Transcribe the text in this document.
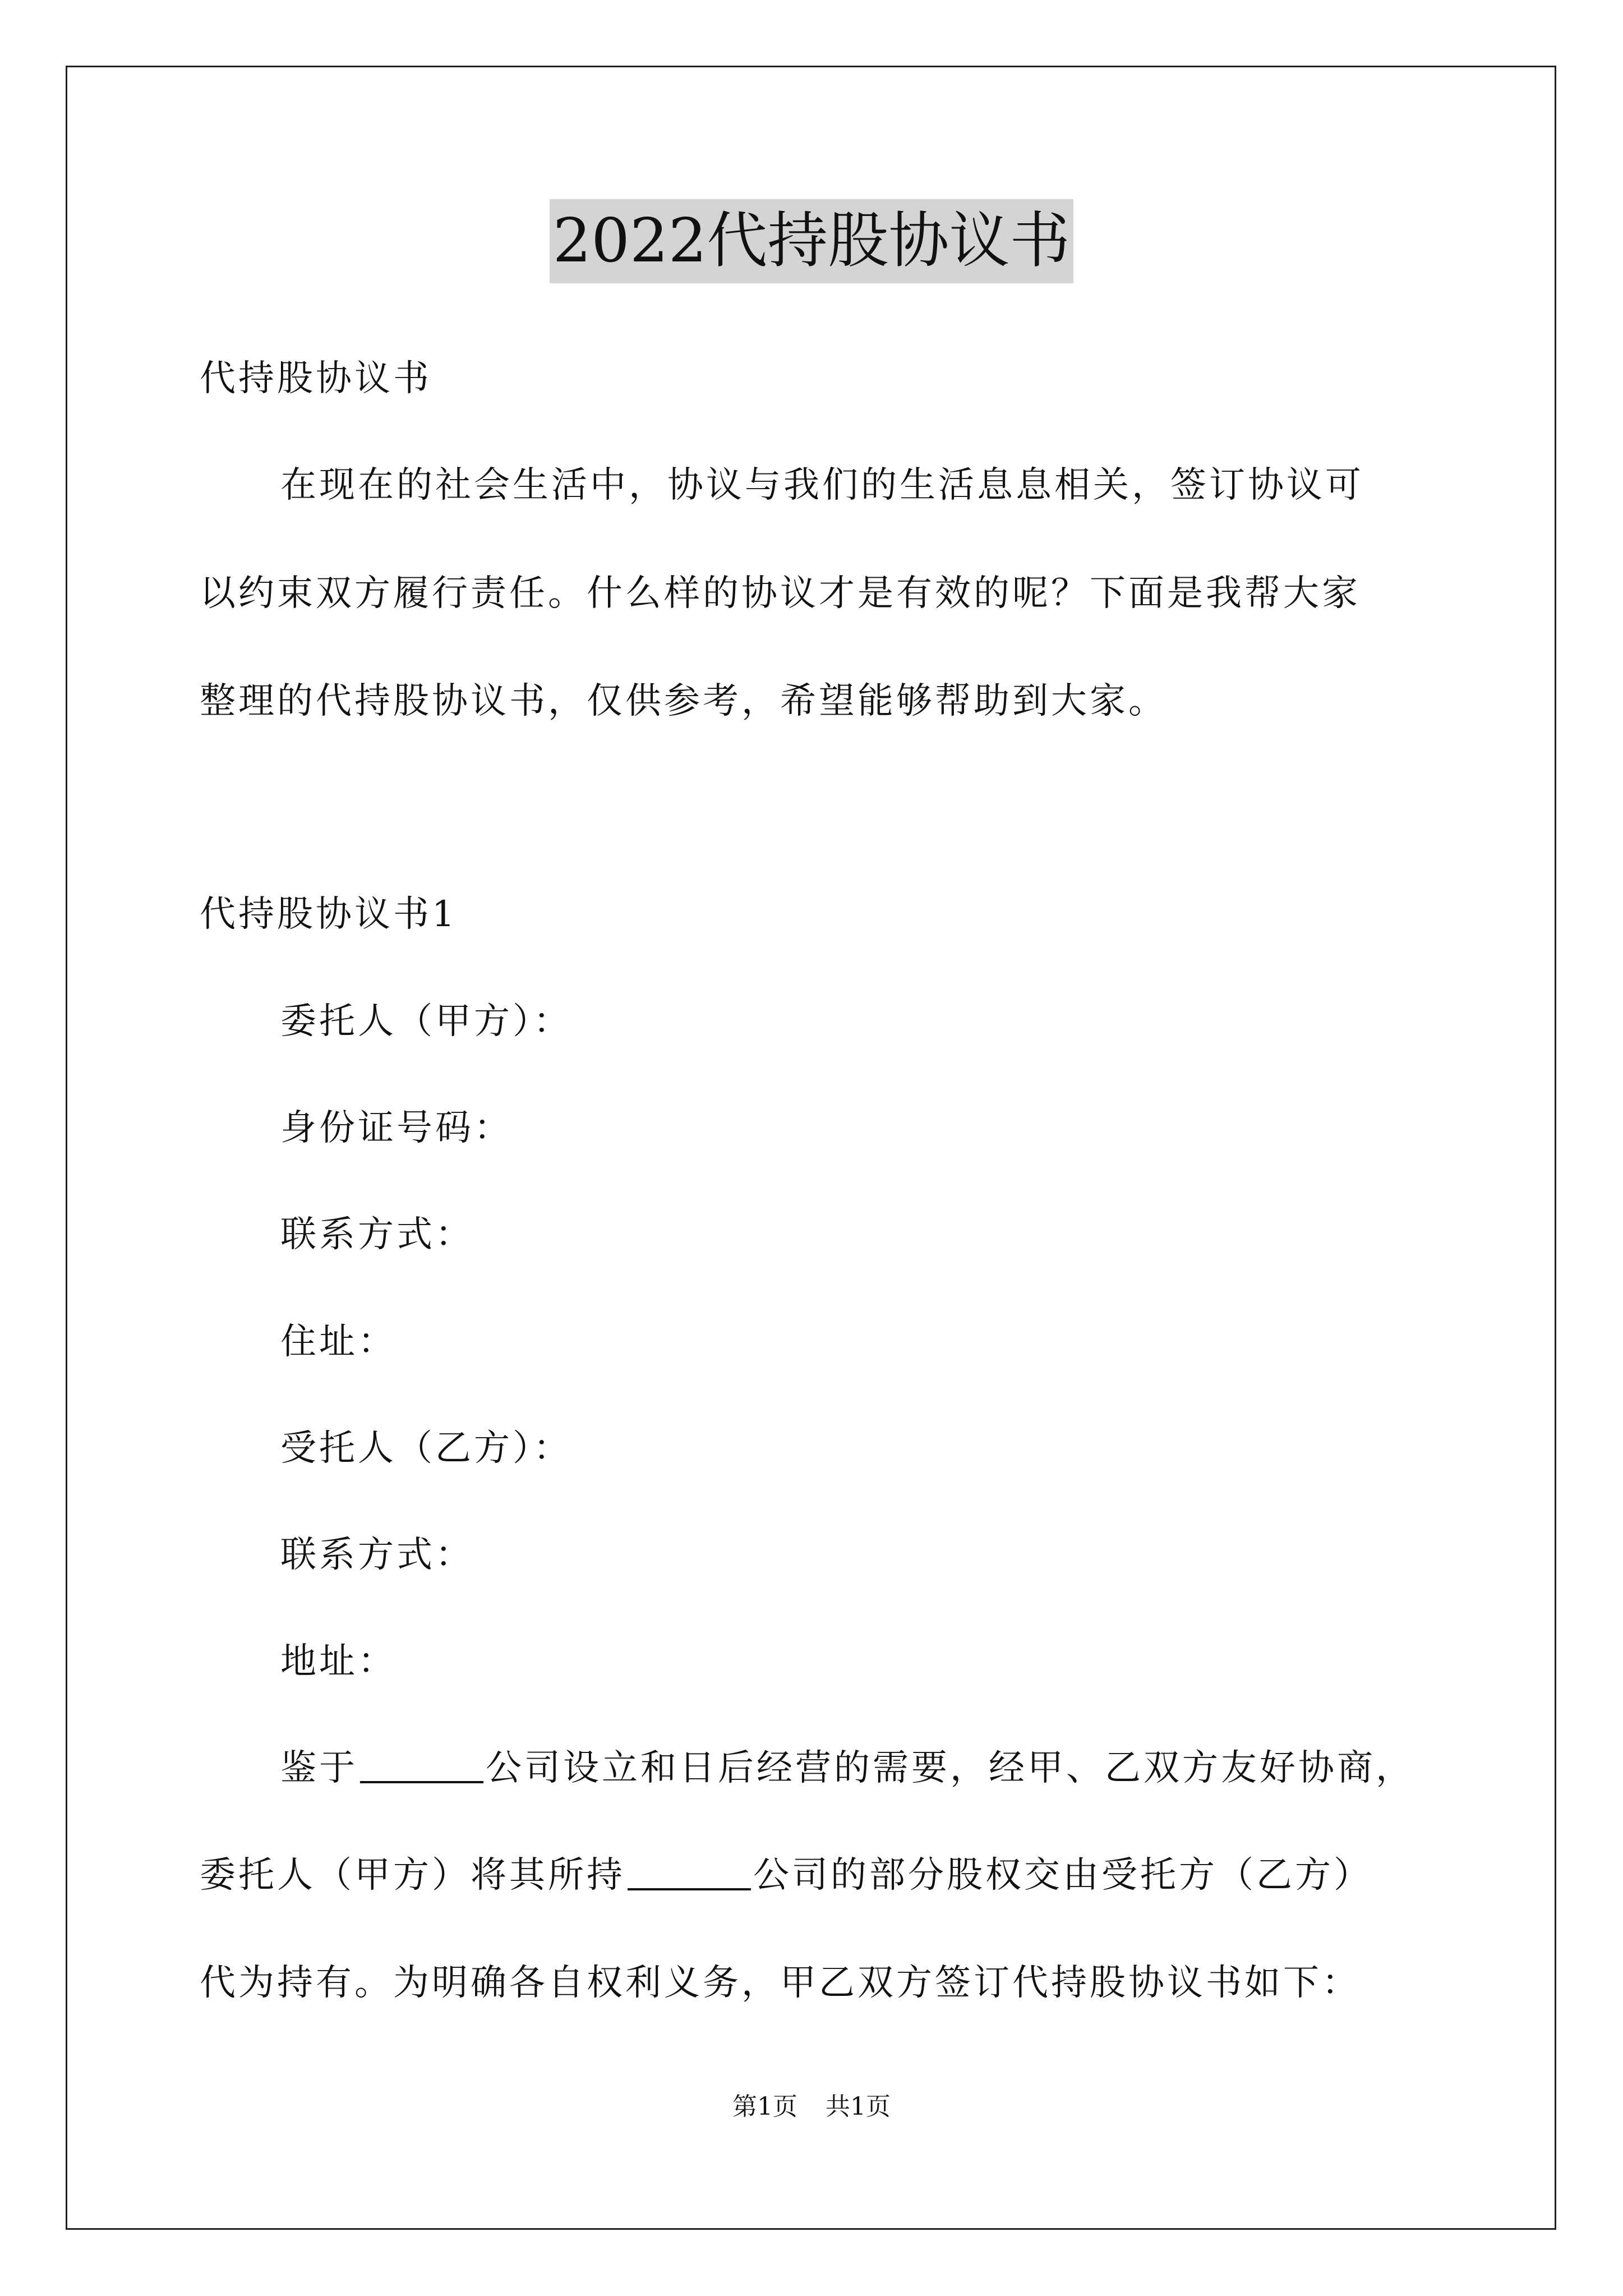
2022代持股协议书
代持股协议书
在现在的社会生活中，协议与我们的生活息息相关，签订协议可
以约束双方履行责任。什么样的协议才是有效的呢？下面是我帮大家
整理的代持股协议书，仅供参考，希望能够帮助到大家。
代持股协议书1
委托人（甲方）：
身份证号码：
联系方式：
住址：
受托人（乙方）：
联系方式：
地址：
鉴于	公司设立和日后经营的需要，经甲、乙双方友好协商，
委托人（甲方）将其所持	公司的部分股权交由受托方（乙方）
代为持有。为明确各自权利义务，甲乙双方签订代持股协议书如下：
第1页 共1页
